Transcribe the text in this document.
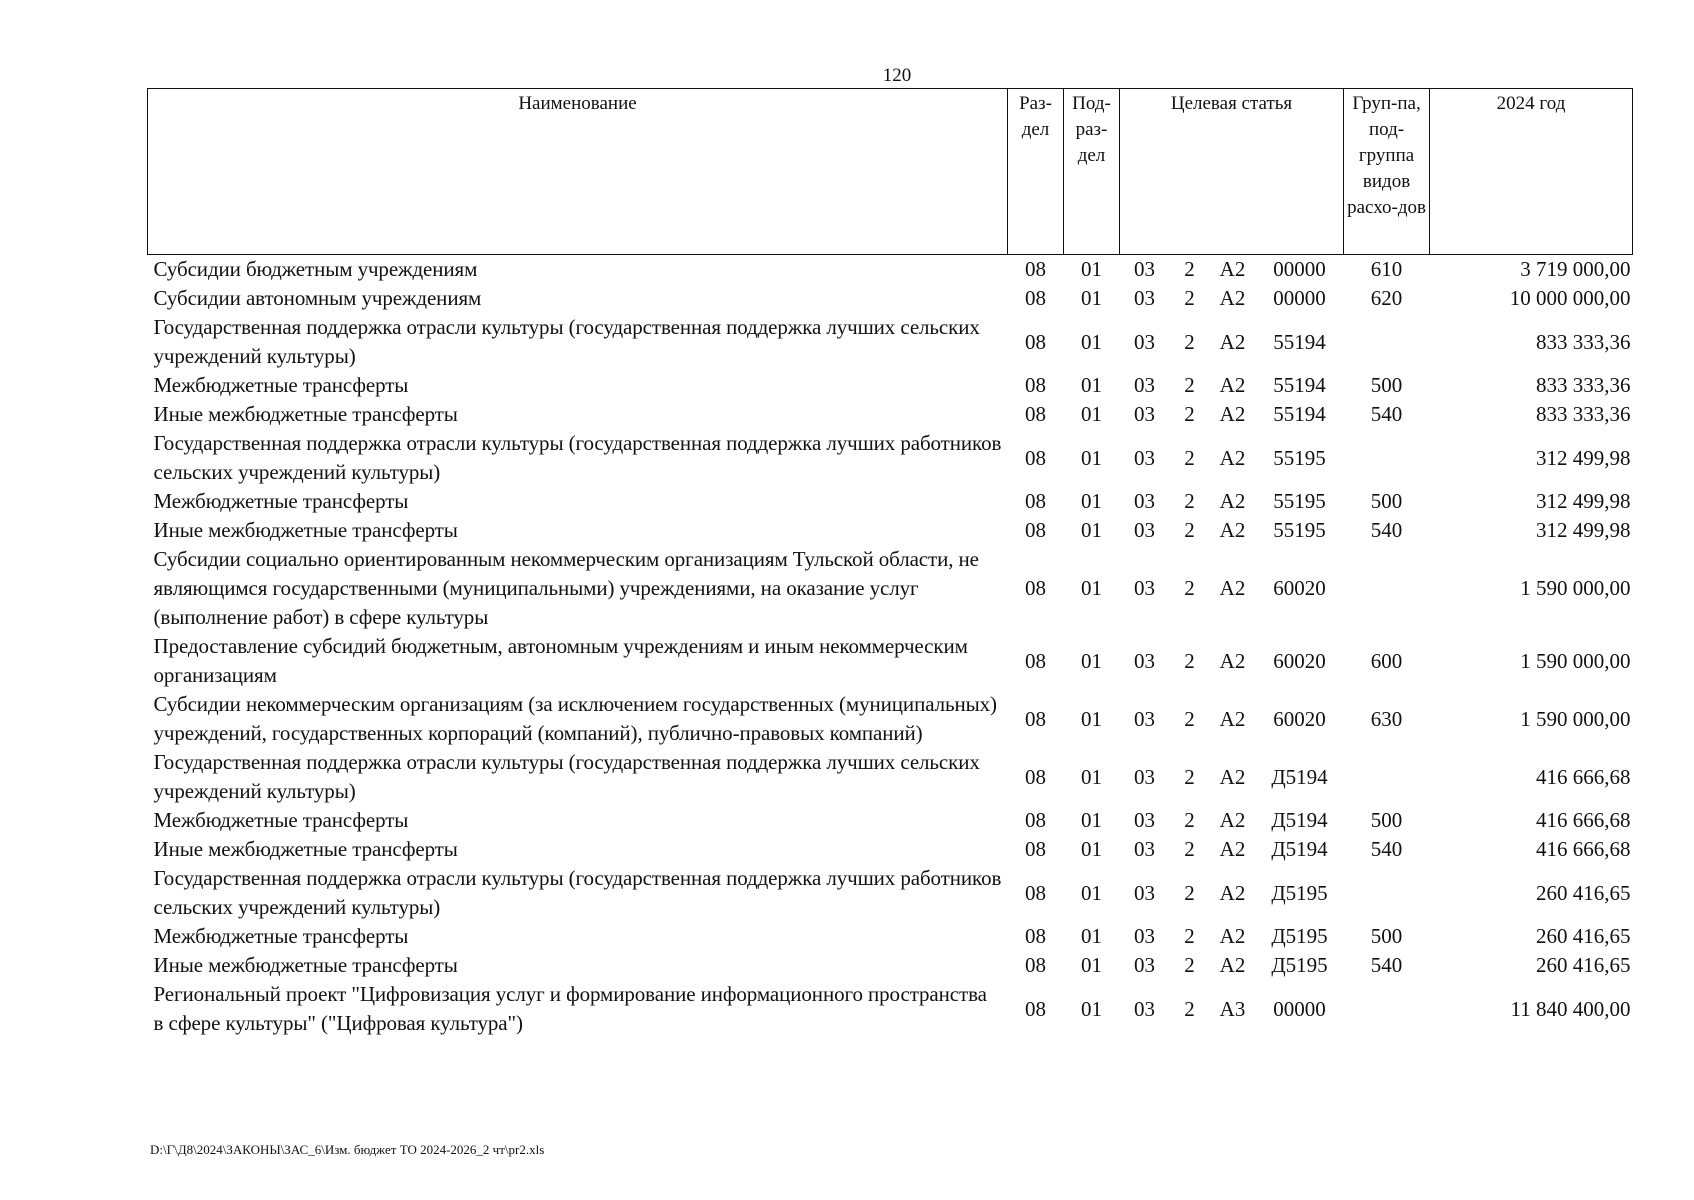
120
Наименование	Раз-дел	Под-раз-дел	Целевая статья				Груп-па, под-группа видов расхо-дов	2024 год
Субсидии бюджетным учреждениям	08	01	03	2	А2	00000	610	3 719 000,00
Субсидии автономным учреждениям	08	01	03	2	А2	00000	620	10 000 000,00
Государственная поддержка отрасли культуры (государственная поддержка лучших сельских учреждений культуры)	08	01	03	2	А2	55194		833 333,36
Межбюджетные трансферты	08	01	03	2	А2	55194	500	833 333,36
Иные межбюджетные трансферты	08	01	03	2	А2	55194	540	833 333,36
Государственная поддержка отрасли культуры (государственная поддержка лучших работников сельских учреждений культуры)	08	01	03	2	А2	55195		312 499,98
Межбюджетные трансферты	08	01	03	2	А2	55195	500	312 499,98
Иные межбюджетные трансферты	08	01	03	2	А2	55195	540	312 499,98
Субсидии социально ориентированным некоммерческим организациям Тульской области, не являющимся государственными (муниципальными) учреждениями, на оказание услуг (выполнение работ) в сфере культуры	08	01	03	2	А2	60020		1 590 000,00
Предоставление субсидий бюджетным, автономным учреждениям и иным некоммерческим организациям	08	01	03	2	А2	60020	600	1 590 000,00
Субсидии некоммерческим организациям (за исключением государственных (муниципальных) учреждений, государственных корпораций (компаний), публично-правовых компаний)	08	01	03	2	А2	60020	630	1 590 000,00
Государственная поддержка отрасли культуры (государственная поддержка лучших сельских учреждений культуры)	08	01	03	2	А2	Д5194		416 666,68
Межбюджетные трансферты	08	01	03	2	А2	Д5194	500	416 666,68
Иные межбюджетные трансферты	08	01	03	2	А2	Д5194	540	416 666,68
Государственная поддержка отрасли культуры (государственная поддержка лучших работников сельских учреждений культуры)	08	01	03	2	А2	Д5195		260 416,65
Межбюджетные трансферты	08	01	03	2	А2	Д5195	500	260 416,65
Иные межбюджетные трансферты	08	01	03	2	А2	Д5195	540	260 416,65
Региональный проект "Цифровизация услуг и формирование информационного пространства в сфере культуры" ("Цифровая культура")	08	01	03	2	А3	00000		11 840 400,00
D:\Г\Д8\2024\ЗАКОНЫ\ЗАС_6\Изм. бюджет ТО 2024-2026_2 чт\pr2.xls
